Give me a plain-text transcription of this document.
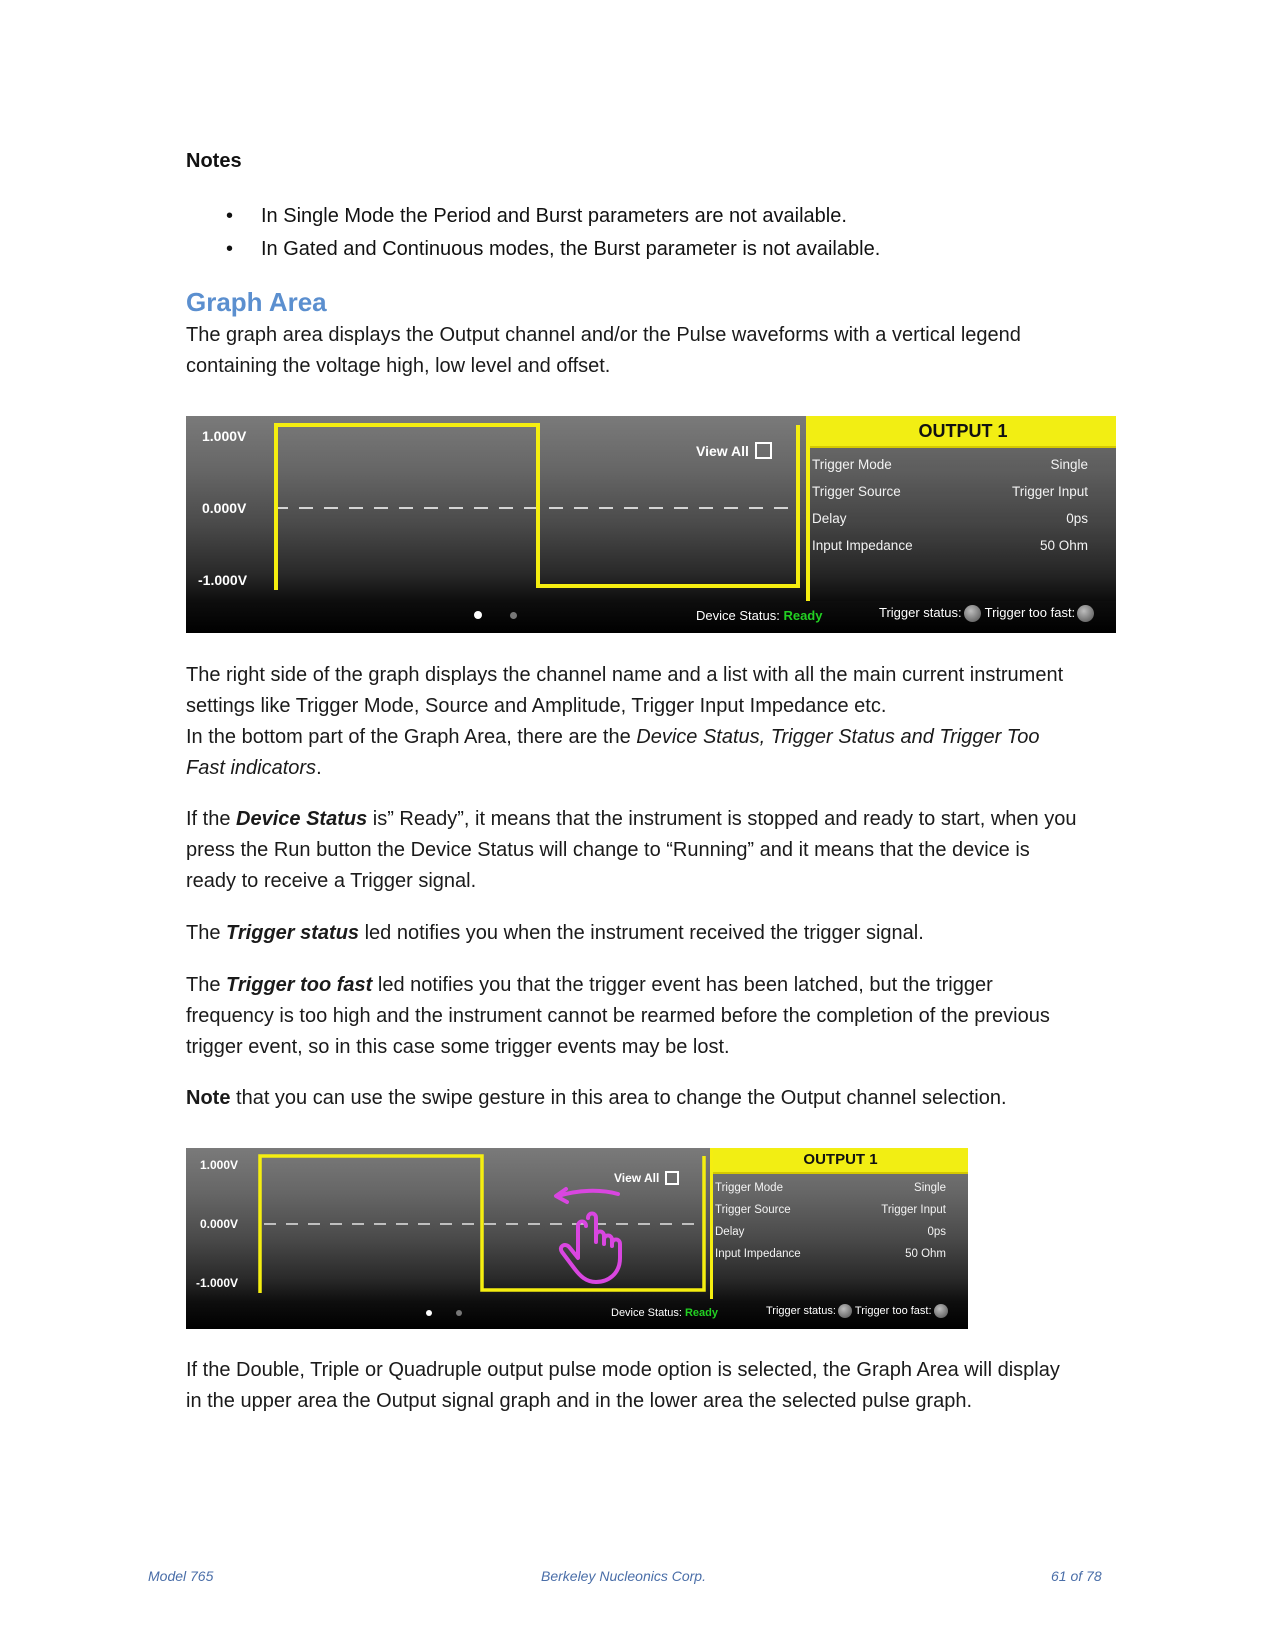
Notes
• In Single Mode the Period and Burst parameters are not available.
• In Gated and Continuous modes, the Burst parameter is not available.
Graph Area
The graph area displays the Output channel and/or the Pulse waveforms with a vertical legend
containing the voltage high, low level and offset.
1.000V
0.000V
-1.000V
View All
OUTPUT 1
Trigger Mode	Single
Trigger Source	Trigger Input
Delay	0ps
Input Impedance	50 Ohm
Device Status: Ready	Trigger status: Trigger too fast:
The right side of the graph displays the channel name and a list with all the main current instrument
settings like Trigger Mode, Source and Amplitude, Trigger Input Impedance etc.
In the bottom part of the Graph Area, there are the Device Status, Trigger Status and Trigger Too
Fast indicators.
If the Device Status is” Ready”, it means that the instrument is stopped and ready to start, when you
press the Run button the Device Status will change to “Running” and it means that the device is
ready to receive a Trigger signal.
The Trigger status led notifies you when the instrument received the trigger signal.
The Trigger too fast led notifies you that the trigger event has been latched, but the trigger
frequency is too high and the instrument cannot be rearmed before the completion of the previous
trigger event, so in this case some trigger events may be lost.
Note that you can use the swipe gesture in this area to change the Output channel selection.
1.000V
0.000V
-1.000V
View All
OUTPUT 1
Trigger Mode	Single
Trigger Source	Trigger Input
Delay	0ps
Input Impedance	50 Ohm
Device Status: Ready	Trigger status: Trigger too fast:
If the Double, Triple or Quadruple output pulse mode option is selected, the Graph Area will display
in the upper area the Output signal graph and in the lower area the selected pulse graph.
Model 765	Berkeley Nucleonics Corp.	61 of 78
